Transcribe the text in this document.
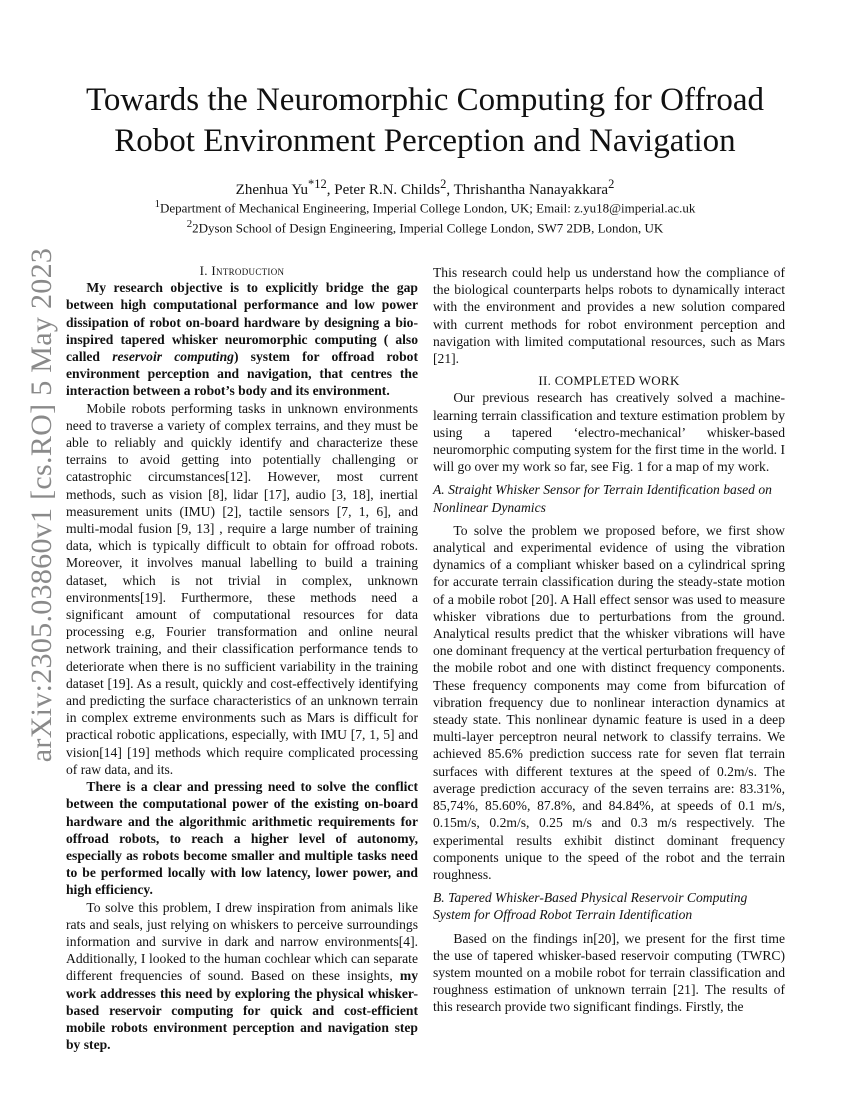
arXiv:2305.03860v1 [cs.RO] 5 May 2023
Towards the Neuromorphic Computing for Offroad Robot Environment Perception and Navigation
Zhenhua Yu$^{*12}$, Peter R.N. Childs$^2$, Thrishantha Nanayakkara$^2$

$^1$Department of Mechanical Engineering, Imperial College London, UK; Email: z.yu18@imperial.ac.uk

$^2$2Dyson School of Design Engineering, Imperial College London, SW7 2DB, London, UK

I. Introduction

My research objective is to explicitly bridge the gap between high computational performance and low power dissipation of robot on-board hardware by designing a bio-inspired tapered whisker neuromorphic computing ( also called reservoir computing) system for offroad robot environment perception and navigation, that centres the interaction between a robot’s body and its environment.

Mobile robots performing tasks in unknown environments need to traverse a variety of complex terrains, and they must be able to reliably and quickly identify and characterize these terrains to avoid getting into potentially challenging or catastrophic circumstances[12]. However, most current methods, such as vision [8], lidar [17], audio [3, 18], inertial measurement units (IMU) [2], tactile sensors [7, 1, 6], and multi-modal fusion [9, 13] , require a large number of training data, which is typically difficult to obtain for offroad robots. Moreover, it involves manual labelling to build a training dataset, which is not trivial in complex, unknown environments[19]. Furthermore, these methods need a significant amount of computational resources for data processing e.g, Fourier transformation and online neural network training, and their classification performance tends to deteriorate when there is no sufficient variability in the training dataset [19]. As a result, quickly and cost-effectively identifying and predicting the surface characteristics of an unknown terrain in complex extreme environments such as Mars is difficult for practical robotic applications, especially, with IMU [7, 1, 5] and vision[14] [19] methods which require complicated processing of raw data, and its.

There is a clear and pressing need to solve the conflict between the computational power of the existing on-board hardware and the algorithmic arithmetic requirements for offroad robots, to reach a higher level of autonomy, especially as robots become smaller and multiple tasks need to be performed locally with low latency, lower power, and high efficiency.

To solve this problem, I drew inspiration from animals like rats and seals, just relying on whiskers to perceive surroundings information and survive in dark and narrow environments[4]. Additionally, I looked to the human cochlear which can separate different frequencies of sound. Based on these insights, my work addresses this need by exploring the physical whisker-based reservoir computing for quick and cost-efficient mobile robots environment perception and navigation step by step.

This research could help us understand how the compliance of the biological counterparts helps robots to dynamically interact with the environment and provides a new solution compared with current methods for robot environment perception and navigation with limited computational resources, such as Mars [21].

II. COMPLETED WORK

Our previous research has creatively solved a machine-learning terrain classification and texture estimation problem by using a tapered ‘electro-mechanical’ whisker-based neuromorphic computing system for the first time in the world. I will go over my work so far, see Fig. 1 for a map of my work.

A. Straight Whisker Sensor for Terrain Identification based on Nonlinear Dynamics

To solve the problem we proposed before, we first show analytical and experimental evidence of using the vibration dynamics of a compliant whisker based on a cylindrical spring for accurate terrain classification during the steady-state motion of a mobile robot [20]. A Hall effect sensor was used to measure whisker vibrations due to perturbations from the ground. Analytical results predict that the whisker vibrations will have one dominant frequency at the vertical perturbation frequency of the mobile robot and one with distinct frequency components. These frequency components may come from bifurcation of vibration frequency due to nonlinear interaction dynamics at steady state. This nonlinear dynamic feature is used in a deep multi-layer perceptron neural network to classify terrains. We achieved 85.6% prediction success rate for seven flat terrain surfaces with different textures at the speed of 0.2m/s. The average prediction accuracy of the seven terrains are: 83.31%, 85,74%, 85.60%, 87.8%, and 84.84%, at speeds of 0.1 m/s, 0.15m/s, 0.2m/s, 0.25 m/s and 0.3 m/s respectively. The experimental results exhibit distinct dominant frequency components unique to the speed of the robot and the terrain roughness.

B. Tapered Whisker-Based Physical Reservoir Computing System for Offroad Robot Terrain Identification

Based on the findings in[20], we present for the first time the use of tapered whisker-based reservoir computing (TWRC) system mounted on a mobile robot for terrain classification and roughness estimation of unknown terrain [21]. The results of this research provide two significant findings. Firstly, the
